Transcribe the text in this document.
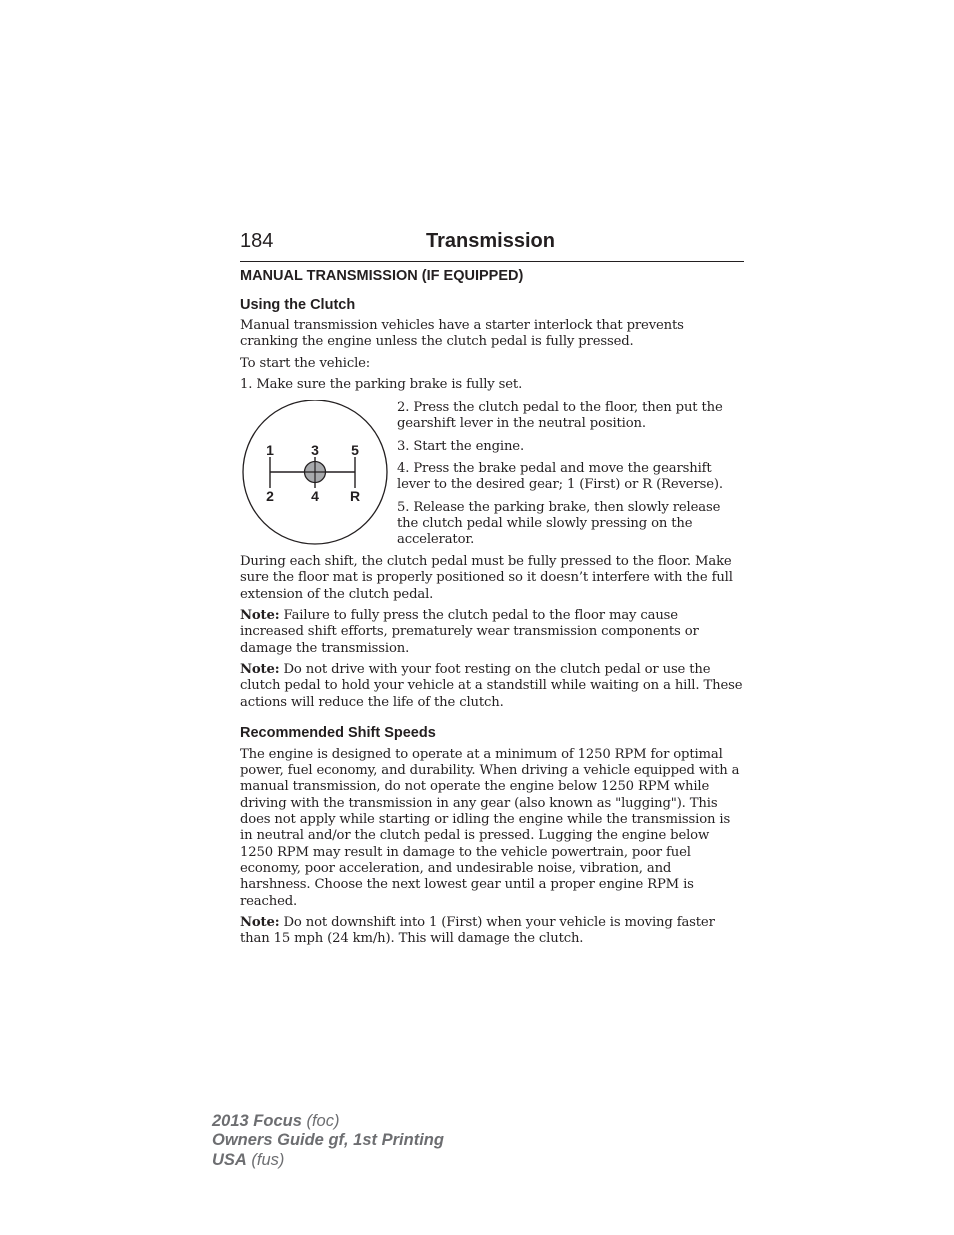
184	Transmission
MANUAL TRANSMISSION (IF EQUIPPED)
Using the Clutch

Manual transmission vehicles have a starter interlock that prevents cranking the engine unless the clutch pedal is fully pressed.

To start the vehicle:

1. Make sure the parking brake is fully set.

1	3 5
2	4 R

2. Press the clutch pedal to the floor, then put the gearshift lever in the neutral position.

3. Start the engine.

4. Press the brake pedal and move the gearshift lever to the desired gear; 1 (First) or R (Reverse).

5. Release the parking brake, then slowly release the clutch pedal while slowly pressing on the accelerator.

During each shift, the clutch pedal must be fully pressed to the floor. Make sure the floor mat is properly positioned so it doesn’t interfere with the full extension of the clutch pedal.

Note: Failure to fully press the clutch pedal to the floor may cause increased shift efforts, prematurely wear transmission components or damage the transmission.

Note: Do not drive with your foot resting on the clutch pedal or use the clutch pedal to hold your vehicle at a standstill while waiting on a hill. These actions will reduce the life of the clutch.

Recommended Shift Speeds

The engine is designed to operate at a minimum of 1250 RPM for optimal power, fuel economy, and durability. When driving a vehicle equipped with a manual transmission, do not operate the engine below 1250 RPM while driving with the transmission in any gear (also known as "lugging"). This does not apply while starting or idling the engine while the transmission is in neutral and/or the clutch pedal is pressed. Lugging the engine below 1250 RPM may result in damage to the vehicle powertrain, poor fuel economy, poor acceleration, and undesirable noise, vibration, and harshness. Choose the next lowest gear until a proper engine RPM is reached.

Note: Do not downshift into 1 (First) when your vehicle is moving faster than 15 mph (24 km/h). This will damage the clutch.

2013 Focus (foc)
Owners Guide gf, 1st Printing
USA (fus)
